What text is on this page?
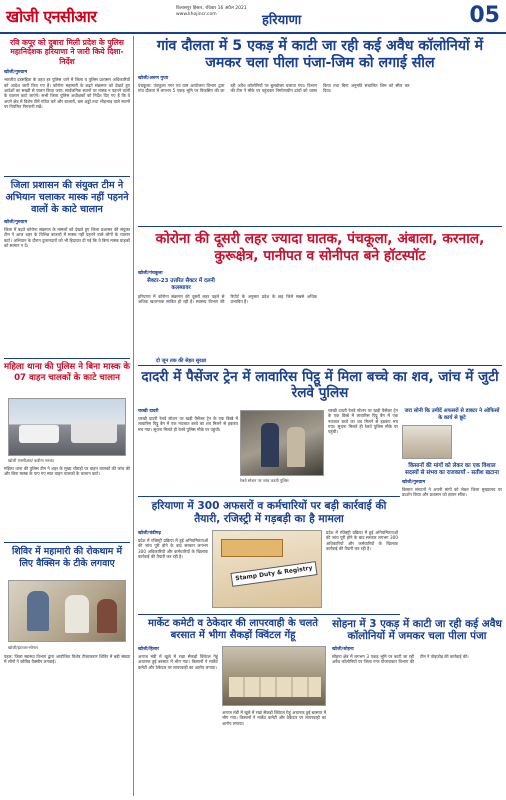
खोजी एनसीआर	विलासपुर हिसार, रविवार 16 अप्रैल 2021
www.khojincr.com	हरियाणा	05
रवि कपूर को दुबारा मिली प्रदेश के पुलिस महानिदेशक हरियाणा ने जारी किये दिशा-निर्देश
खोजी/गुरुग्राम
भारतीय दंडसंहिता के तहत हर पुलिस थाने में जिला व पुलिस प्रशासन अधिकारियों को आदेश जारी किए गए हैं। कोरोना महामारी के बढ़ते संक्रमण को देखते हुए आदेशों का सख्ती से पालन किया जाए। सार्वजनिक स्थानों पर मास्क न पहनने वालों के चालान काटे जाएंगे। सभी जिला पुलिस अधीक्षकों को निर्देश दिए गए हैं कि वे अपने क्षेत्र में विशेष टीमें गठित करें और बाजारों, बस अड्डों तथा भीड़भाड़ वाले स्थानों पर नियमित निगरानी रखें।
जिला प्रशासन की संयुक्त टीम ने अभियान चलाकर मास्क नहीं पहनने वालों के काटे चालान
खोजी/गुरुग्राम
जिला में बढ़ते कोरोना संक्रमण के मामलों को देखते हुए जिला प्रशासन की संयुक्त टीम ने आज शहर के विभिन्न बाजारों में मास्क नहीं पहनने वाले लोगों के चालान काटे। अभियान के दौरान दुकानदारों को भी हिदायत दी गई कि वे बिना मास्क ग्राहकों को सामान न दें।
महिला थाना की पुलिस ने बिना मास्क के 07 वाहन चालकों के काटे चालान
खोजी एनसीआर/ कवीना नरुका
महिला थाना की पुलिस टीम ने शहर के मुख्य चौराहों पर वाहन चालकों की जांच की और बिना मास्क के पाए गए सात वाहन चालकों के चालान काटे।
शिविर में महामारी की रोकथाम में लिए वैक्सिन के टीके लगवाए
खोजी/झज्जर-सोनल
पहल: जिला स्वास्थ्य विभाग द्वारा आयोजित विशेष टीकाकरण शिविर में बड़ी संख्या में लोगों ने कोविड वैक्सीन लगवाई।
गांव दौलता में 5 एकड़ में काटी जा रही कई अवैध कॉलोनियों में जमकर चला पीला पंजा-जिम को लगाई सील
खोजी/अरुण गुप्ता
पंचकूला: पंचकूला नगर एवं ग्राम आयोजना विभाग द्वारा गांव दौलता में लगभग 5 एकड़ भूमि पर विकसित की जा रही अवैध कॉलोनियों पर बुलडोजर चलाया गया। विभाग की टीम ने मौके पर पहुंचकर निर्माणाधीन ढांचों को ध्वस्त किया तथा बिना अनुमति संचालित जिम को सील कर दिया।
कोरोना की दूसरी लहर ज्यादा घातक, पंचकूला, अंबाला, करनाल, कुरूक्षेत्र, पानीपत व सोनीपत बने हॉटस्पॉट
खोजी/पंचकूला
सैक्टर-23 उत्तरित सैक्टर में दलनी कलब्यावर
हरियाणा में कोरोना संक्रमण की दूसरी लहर पहले से अधिक खतरनाक साबित हो रही है। स्वास्थ्य विभाग की रिपोर्ट के अनुसार प्रदेश के छह जिले सबसे अधिक प्रभावित हैं।
दो जून तक की सेहत सुरक्षा
दादरी में पैसेंजर ट्रेन में लावारिस पिट्ठू में मिला बच्चे का शव, जांच में जुटी रेलवे पुलिस
चरखी दादरी
चरखी दादरी रेलवे स्टेशन पर खड़ी पैसेंजर ट्रेन के एक डिब्बे में लावारिस पिट्ठू बैग में एक नवजात बच्चे का शव मिलने से हड़कंप मच गया। सूचना मिलते ही रेलवे पुलिस मौके पर पहुंची।
रेलवे स्टेशन पर जांच करती पुलिस
चरखी दादरी रेलवे स्टेशन पर खड़ी पैसेंजर ट्रेन के एक डिब्बे में लावारिस पिट्ठू बैग में एक नवजात बच्चे का शव मिलने से हड़कंप मच गया। सूचना मिलते ही रेलवे पुलिस मौके पर पहुंची।
जरा सोनी कि उमीदें अफसरों से डाक्टर ने ओफिसों के कार्य से छूटे
किसानों की मांगों को लेकर का एक विशाल सदस्यों से संभव का राजकार्यां - सतीश खटाना
खोजी/गुरुग्राम
किसान संगठनों ने अपनी मांगों को लेकर जिला मुख्यालय पर प्रदर्शन किया और प्रशासन को ज्ञापन सौंपा।
हरियाणा में 300 अफसरों व कर्मचारियों पर बड़ी कार्रवाई की तैयारी, रजिस्ट्री में गड़बड़ी का है मामला
खोजी/चंडीगढ़
प्रदेश में रजिस्ट्री प्रक्रिया में हुई अनियमितताओं की जांच पूरी होने के बाद सरकार लगभग 300 अधिकारियों और कर्मचारियों के खिलाफ कार्रवाई की तैयारी कर रही है।
Stamp Duty & Registry
प्रदेश में रजिस्ट्री प्रक्रिया में हुई अनियमितताओं की जांच पूरी होने के बाद सरकार लगभग 300 अधिकारियों और कर्मचारियों के खिलाफ कार्रवाई की तैयारी कर रही है।
मार्केट कमेटी व ठेकेदार की लापरवाही के चलते बरसात में भीगा सैकड़ों क्विंटल गेंहू
खोजी/हिसार
अनाज मंडी में खुले में रखा सैकड़ों क्विंटल गेहूं अचानक हुई बरसात में भीग गया। किसानों ने मार्केट कमेटी और ठेकेदार पर लापरवाही का आरोप लगाया।
अनाज मंडी में खुले में रखा सैकड़ों क्विंटल गेहूं अचानक हुई बरसात में भीग गया। किसानों ने मार्केट कमेटी और ठेकेदार पर लापरवाही का आरोप लगाया।
सोहना में 3 एकड़ में काटी जा रही कई अवैध कॉलोनियों में जमकर चला पीला पंजा
खोजी/सोहना
सोहना क्षेत्र में लगभग 3 एकड़ भूमि पर काटी जा रही अवैध कॉलोनियों पर जिला नगर योजनाकार विभाग की टीम ने तोड़फोड़ की कार्रवाई की।
